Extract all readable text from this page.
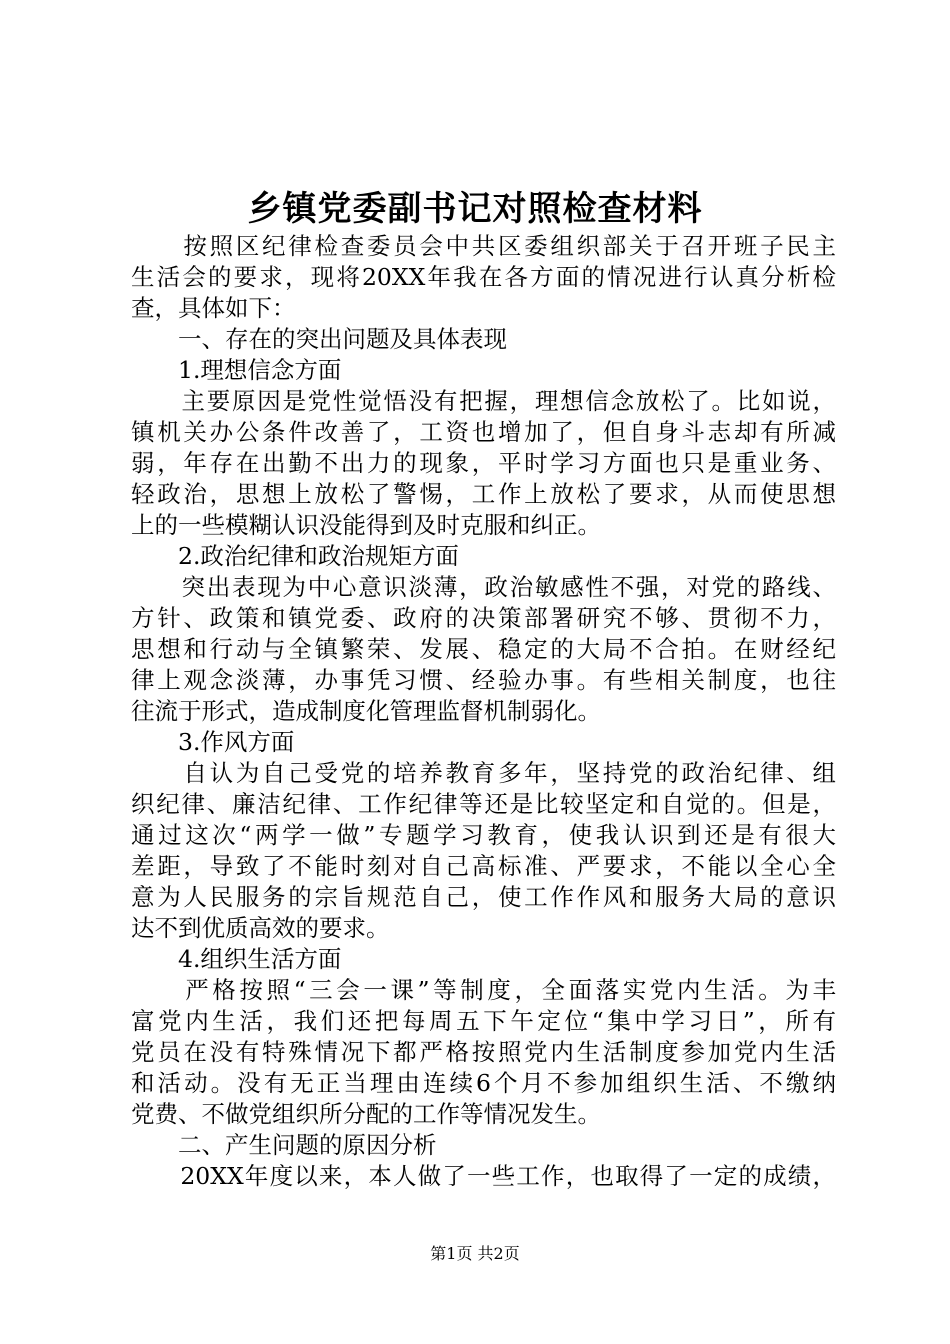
乡镇党委副书记对照检查材料
　　按照区纪律检查委员会中共区委组织部关于召开班子民主
生活会的要求，现将20XX年我在各方面的情况进行认真分析检
查，具体如下：
　　一、存在的突出问题及具体表现
　　1.理想信念方面
　　主要原因是党性觉悟没有把握，理想信念放松了。比如说，
镇机关办公条件改善了，工资也增加了，但自身斗志却有所减
弱，年存在出勤不出力的现象，平时学习方面也只是重业务、
轻政治，思想上放松了警惕，工作上放松了要求，从而使思想
上的一些模糊认识没能得到及时克服和纠正。
　　2.政治纪律和政治规矩方面
　　突出表现为中心意识淡薄，政治敏感性不强，对党的路线、
方针、政策和镇党委、政府的决策部署研究不够、贯彻不力，
思想和行动与全镇繁荣、发展、稳定的大局不合拍。在财经纪
律上观念淡薄，办事凭习惯、经验办事。有些相关制度，也往
往流于形式，造成制度化管理监督机制弱化。
　　3.作风方面
　　自认为自己受党的培养教育多年，坚持党的政治纪律、组
织纪律、廉洁纪律、工作纪律等还是比较坚定和自觉的。但是，
通过这次“两学一做”专题学习教育，使我认识到还是有很大
差距，导致了不能时刻对自己高标准、严要求，不能以全心全
意为人民服务的宗旨规范自己，使工作作风和服务大局的意识
达不到优质高效的要求。
　　4.组织生活方面
　　严格按照“三会一课”等制度，全面落实党内生活。为丰
富党内生活，我们还把每周五下午定位“集中学习日”，所有
党员在没有特殊情况下都严格按照党内生活制度参加党内生活
和活动。没有无正当理由连续6个月不参加组织生活、不缴纳
党费、不做党组织所分配的工作等情况发生。
　　二、产生问题的原因分析
　　20XX年度以来，本人做了一些工作，也取得了一定的成绩，
第1页 共2页
